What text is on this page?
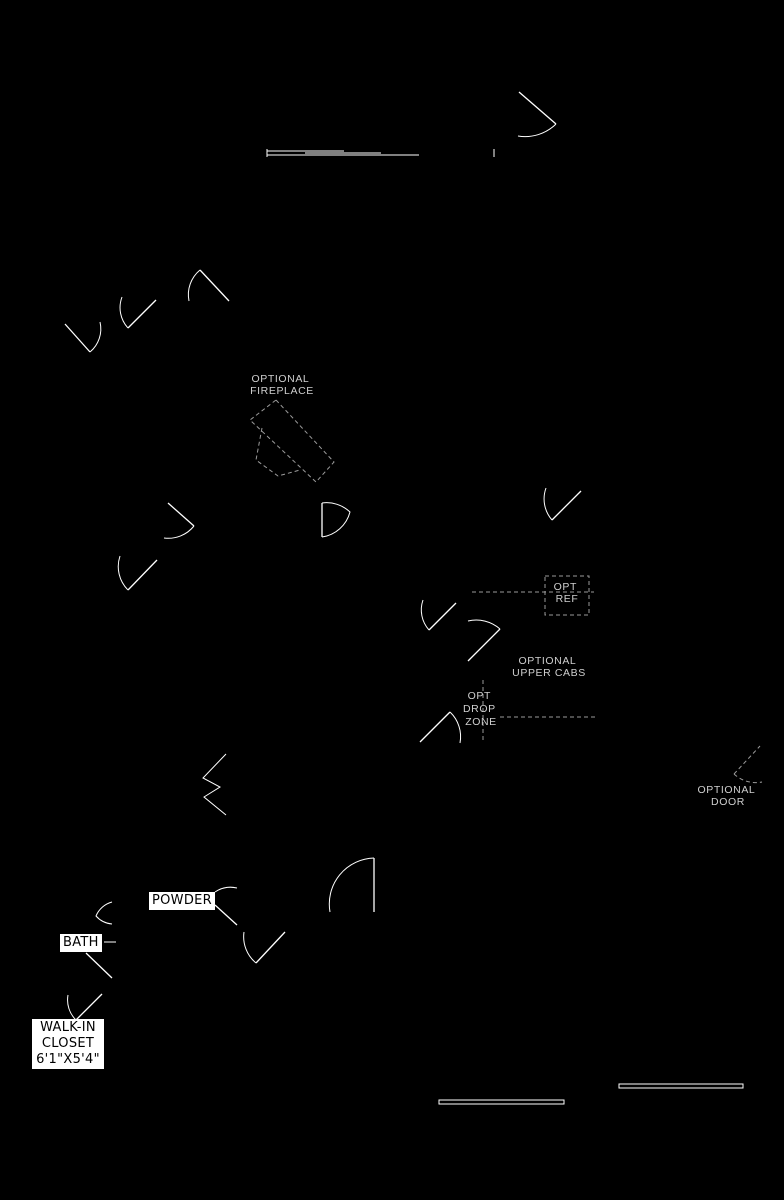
OPTIONAL FIREPLACE
OPT REF
OPTIONAL UPPER CABS
OPT DROP ZONE
OPTIONAL DOOR
POWDER
BATH
WALK-IN
CLOSET
6'1"X5'4"
